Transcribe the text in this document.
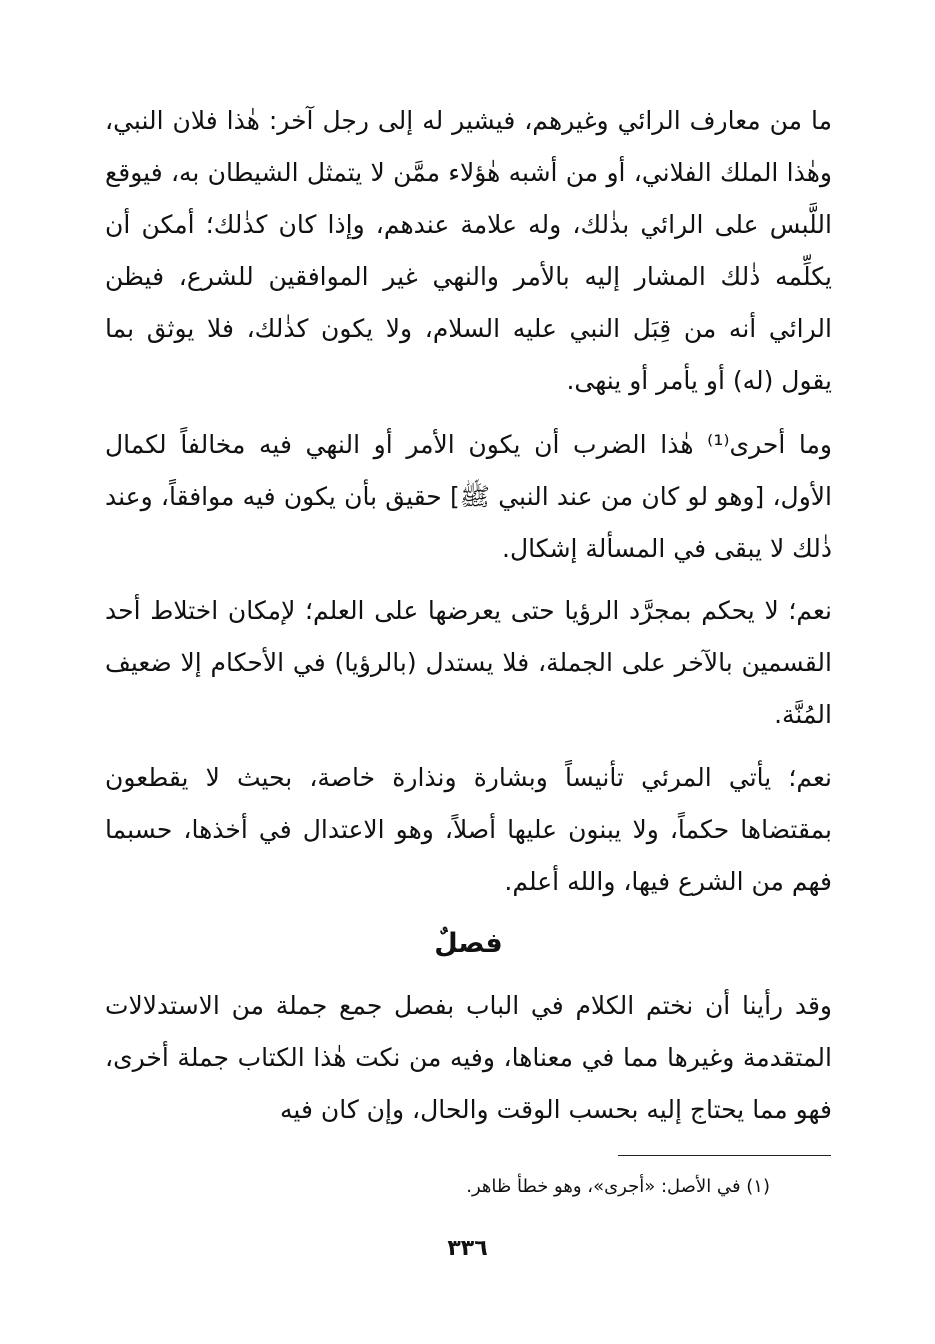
ما من معارف الرائي وغيرهم، فيشير له إلى رجل آخر: هٰذا فلان النبي، وهٰذا الملك الفلاني، أو من أشبه هٰؤلاء ممَّن لا يتمثل الشيطان به، فيوقع اللَّبس على الرائي بذٰلك، وله علامة عندهم، وإذا كان كذٰلك؛ أمكن أن يكلِّمه ذٰلك المشار إليه بالأمر والنهي غير الموافقين للشرع، فيظن الرائي أنه من قِبَل النبي عليه السلام، ولا يكون كذٰلك، فلا يوثق بما يقول (له) أو يأمر أو ينهى.

وما أحرى⁽¹⁾ هٰذا الضرب أن يكون الأمر أو النهي فيه مخالفاً لكمال الأول، [وهو لو كان من عند النبي ﷺ] حقيق بأن يكون فيه موافقاً، وعند ذٰلك لا يبقى في المسألة إشكال.

نعم؛ لا يحكم بمجرَّد الرؤيا حتى يعرضها على العلم؛ لإمكان اختلاط أحد القسمين بالآخر على الجملة، فلا يستدل (بالرؤيا) في الأحكام إلا ضعيف المُنَّة.

نعم؛ يأتي المرئي تأنيساً وبشارة ونذارة خاصة، بحيث لا يقطعون بمقتضاها حكماً، ولا يبنون عليها أصلاً، وهو الاعتدال في أخذها، حسبما فهم من الشرع فيها، والله أعلم.

فصلٌ

وقد رأينا أن نختم الكلام في الباب بفصل جمع جملة من الاستدلالات المتقدمة وغيرها مما في معناها، وفيه من نكت هٰذا الكتاب جملة أخرى، فهو مما يحتاج إليه بحسب الوقت والحال، وإن كان فيه

(١) في الأصل: «أجرى»، وهو خطأ ظاهر.

٣٣٦
